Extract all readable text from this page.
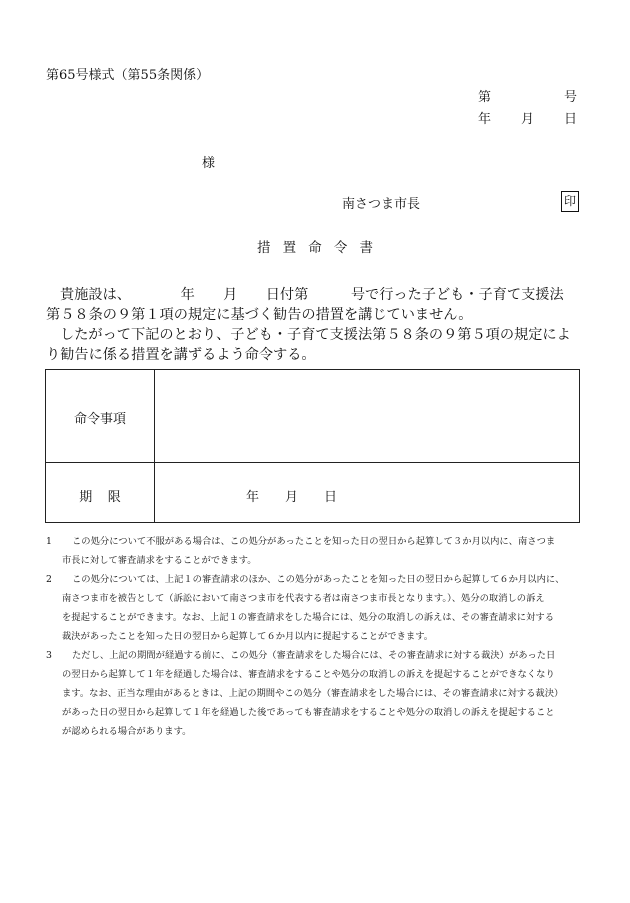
第65号様式（第55条関係）
第	号
年 月 日
様
南さつま市長	印
措置命令書
貴施設は、　　　　年　　月　　日付第　　　号で行った子ども・子育て支援法
第５８条の９第１項の規定に基づく勧告の措置を講じていません。
したがって下記のとおり、子ども・子育て支援法第５８条の９第５項の規定によ
り勧告に係る措置を講ずるよう命令する。
命令事項
期限	年　　月　　日
1	この処分について不服がある場合は、この処分があったことを知った日の翌日から起算して３か月以内に、南さつま
市長に対して審査請求をすることができます。
2	この処分については、上記１の審査請求のほか、この処分があったことを知った日の翌日から起算して６か月以内に、
南さつま市を被告として（訴訟において南さつま市を代表する者は南さつま市長となります。）、処分の取消しの訴え
を提起することができます。なお、上記１の審査請求をした場合には、処分の取消しの訴えは、その審査請求に対する
裁決があったことを知った日の翌日から起算して６か月以内に提起することができます。
3	ただし、上記の期間が経過する前に、この処分（審査請求をした場合には、その審査請求に対する裁決）があった日
の翌日から起算して１年を経過した場合は、審査請求をすることや処分の取消しの訴えを提起することができなくなり
ます。なお、正当な理由があるときは、上記の期間やこの処分（審査請求をした場合には、その審査請求に対する裁決）
があった日の翌日から起算して１年を経過した後であっても審査請求をすることや処分の取消しの訴えを提起すること
が認められる場合があります。
